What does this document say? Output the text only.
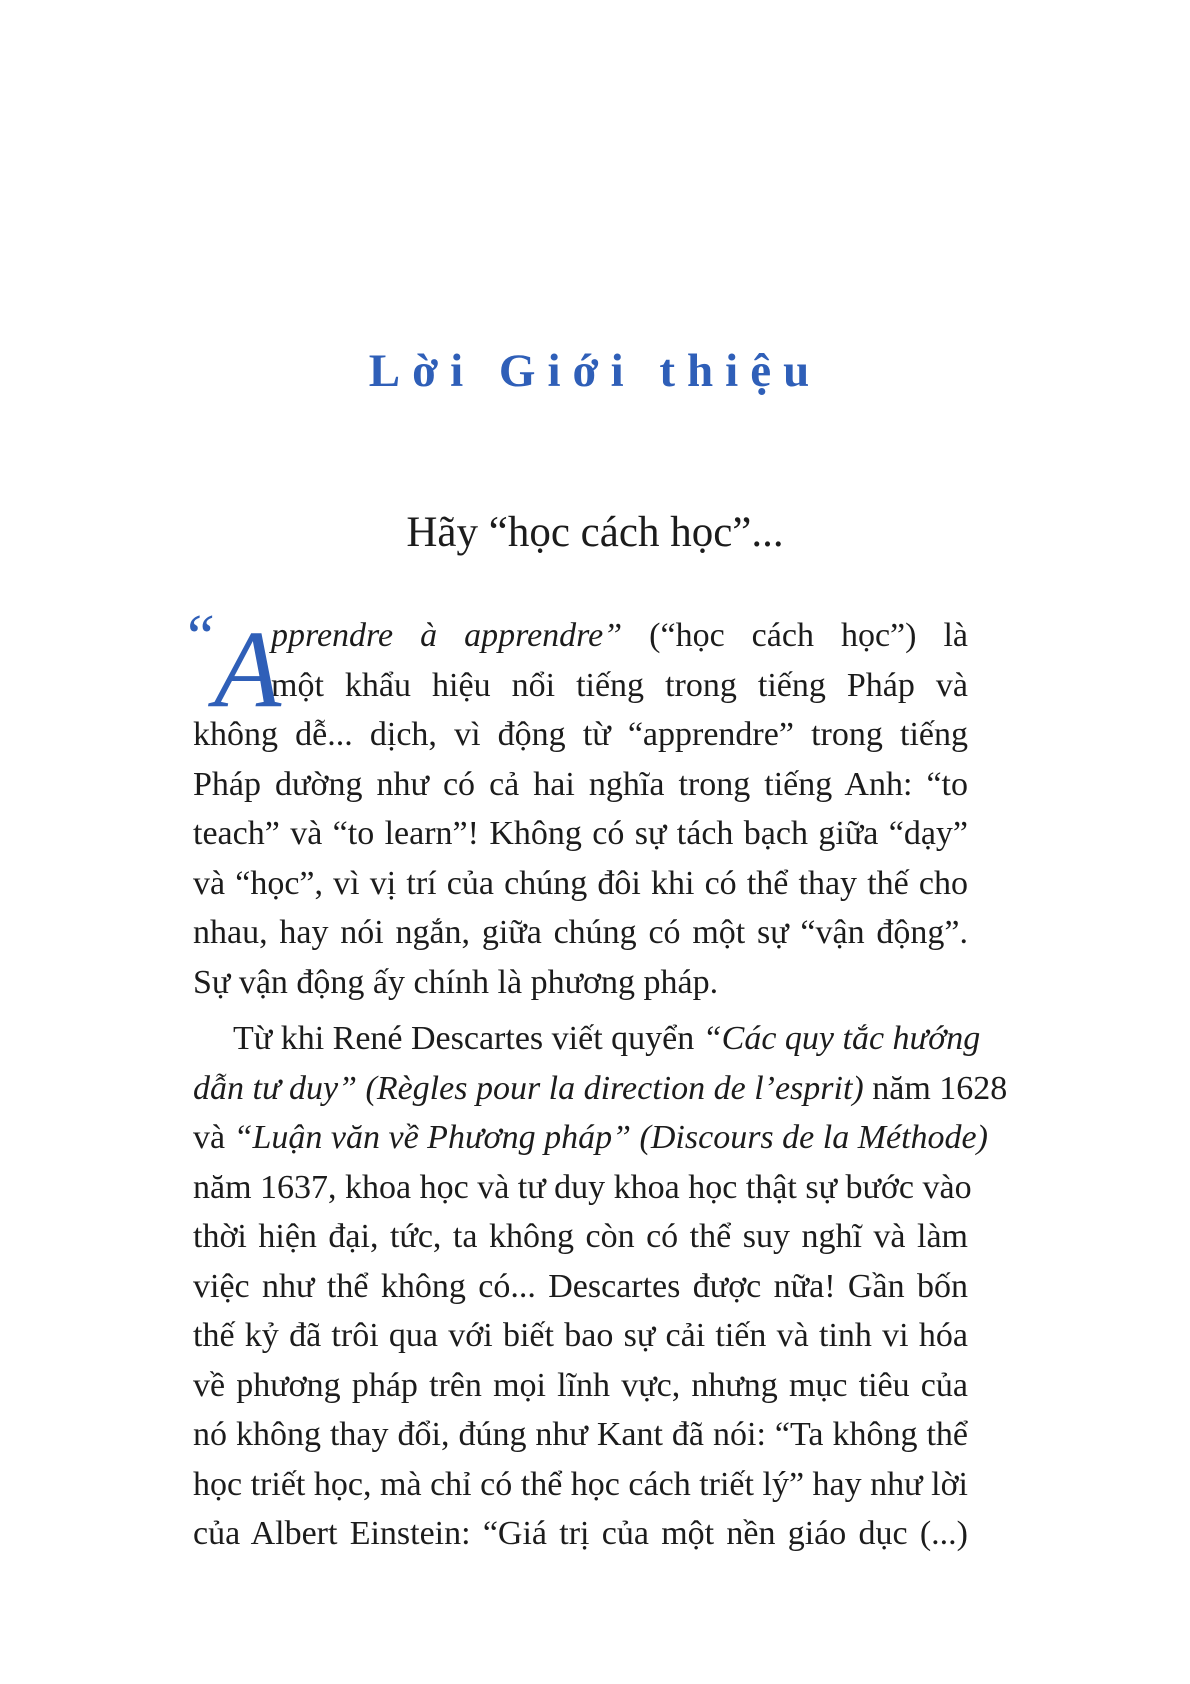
Lời Giới thiệu
Hãy “học cách học”...
“
A
pprendre à apprendre” (“học cách học”) là
một khẩu hiệu nổi tiếng trong tiếng Pháp và
không dễ... dịch, vì động từ “apprendre” trong tiếng
Pháp dường như có cả hai nghĩa trong tiếng Anh: “to
teach” và “to learn”! Không có sự tách bạch giữa “dạy”
và “học”, vì vị trí của chúng đôi khi có thể thay thế cho
nhau, hay nói ngắn, giữa chúng có một sự “vận động”.
Sự vận động ấy chính là phương pháp.
Từ khi René Descartes viết quyển “Các quy tắc hướng
dẫn tư duy” (Règles pour la direction de l’esprit) năm 1628
và “Luận văn về Phương pháp” (Discours de la Méthode)
năm 1637, khoa học và tư duy khoa học thật sự bước vào
thời hiện đại, tức, ta không còn có thể suy nghĩ và làm
việc như thể không có... Descartes được nữa! Gần bốn
thế kỷ đã trôi qua với biết bao sự cải tiến và tinh vi hóa
về phương pháp trên mọi lĩnh vực, nhưng mục tiêu của
nó không thay đổi, đúng như Kant đã nói: “Ta không thể
học triết học, mà chỉ có thể học cách triết lý” hay như lời
của Albert Einstein: “Giá trị của một nền giáo dục (...)
